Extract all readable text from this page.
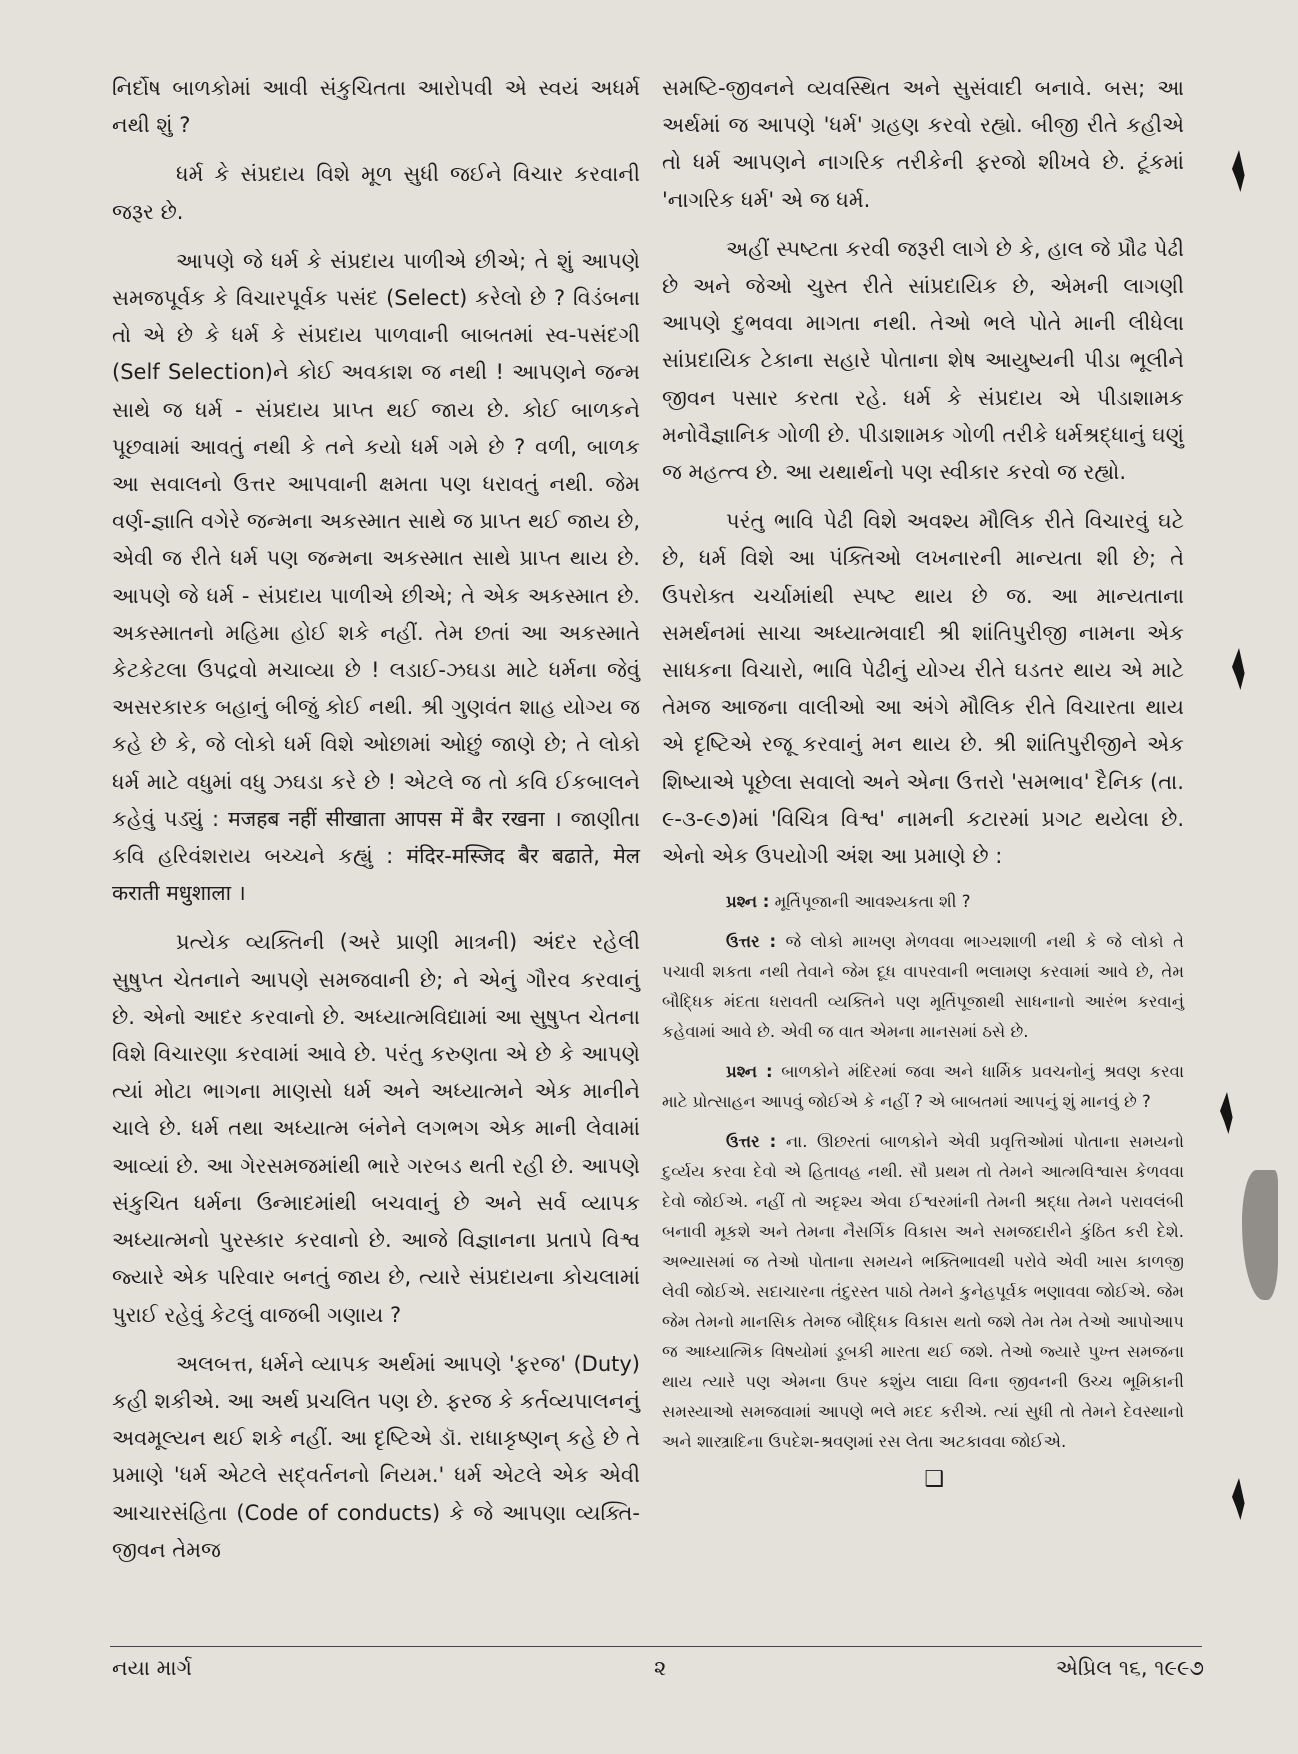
નિર્દોષ બાળકોમાં આવી સંકુચિતતા આરોપવી એ સ્વયં અધર્મ નથી શું ?

ધર્મ કે સંપ્રદાય વિશે મૂળ સુધી જઈને વિચાર કરવાની જરૂર છે.

આપણે જે ધર્મ કે સંપ્રદાય પાળીએ છીએ; તે શું આપણે સમજપૂર્વક કે વિચારપૂર્વક પસંદ (Select) કરેલો છે ? વિડંબના તો એ છે કે ધર્મ કે સંપ્રદાય પાળવાની બાબતમાં સ્વ-પસંદગી (Self Selection)ને કોઈ અવકાશ જ નથી ! આપણને જન્મ સાથે જ ધર્મ - સંપ્રદાય પ્રાપ્ત થઈ જાય છે. કોઈ બાળકને પૂછવામાં આવતું નથી કે તને કયો ધર્મ ગમે છે ? વળી, બાળક આ સવાલનો ઉત્તર આપવાની ક્ષમતા પણ ધરાવતું નથી. જેમ વર્ણ-જ્ઞાતિ વગેરે જન્મના અકસ્માત સાથે જ પ્રાપ્ત થઈ જાય છે, એવી જ રીતે ધર્મ પણ જન્મના અકસ્માત સાથે પ્રાપ્ત થાય છે. આપણે જે ધર્મ - સંપ્રદાય પાળીએ છીએ; તે એક અકસ્માત છે. અકસ્માતનો મહિમા હોઈ શકે નહીં. તેમ છતાં આ અકસ્માતે કેટકેટલા ઉપદ્રવો મચાવ્યા છે ! લડાઈ-ઝઘડા માટે ધર્મના જેવું અસરકારક બહાનું બીજું કોઈ નથી. શ્રી ગુણવંત શાહ યોગ્ય જ કહે છે કે, જે લોકો ધર્મ વિશે ઓછામાં ઓછું જાણે છે; તે લોકો ધર્મ માટે વધુમાં વધુ ઝઘડા કરે છે ! એટલે જ તો કવિ ઈકબાલને કહેવું પડ્યું : मजहब नहीं सीखाता आपस में बैर रखना । જાણીતા કવિ હરિવંશરાય બચ્ચને કહ્યું : मंदिर-मस्जिद बैर बढाते, मेल कराती मधुशाला ।

પ્રત્યેક વ્યક્તિની (અરે પ્રાણી માત્રની) અંદર રહેલી સુષુપ્ત ચેતનાને આપણે સમજવાની છે; ને એનું ગૌરવ કરવાનું છે. એનો આદર કરવાનો છે. અધ્યાત્મવિદ્યામાં આ સુષુપ્ત ચેતના વિશે વિચારણા કરવામાં આવે છે. પરંતુ કરુણતા એ છે કે આપણે ત્યાં મોટા ભાગના માણસો ધર્મ અને અધ્યાત્મને એક માનીને ચાલે છે. ધર્મ તથા અધ્યાત્મ બંનેને લગભગ એક માની લેવામાં આવ્યાં છે. આ ગેરસમજમાંથી ભારે ગરબડ થતી રહી છે. આપણે સંકુચિત ધર્મના ઉન્માદમાંથી બચવાનું છે અને સર્વ વ્યાપક અધ્યાત્મનો પુરસ્કાર કરવાનો છે. આજે વિજ્ઞાનના પ્રતાપે વિશ્વ જ્યારે એક પરિવાર બનતું જાય છે, ત્યારે સંપ્રદાયના કોચલામાં પુરાઈ રહેવું કેટલું વાજબી ગણાય ?

અલબત્ત, ધર્મને વ્યાપક અર્થમાં આપણે 'ફરજ' (Duty) કહી શકીએ. આ અર્થ પ્રચલિત પણ છે. ફરજ કે કર્તવ્યપાલનનું અવમૂલ્યન થઈ શકે નહીં. આ દૃષ્ટિએ ડૉ. રાધાકૃષ્ણન્ કહે છે તે પ્રમાણે 'ધર્મ એટલે સદ્‌વર્તનનો નિયમ.' ધર્મ એટલે એક એવી આચારસંહિતા (Code of conducts) કે જે આપણા વ્યક્તિ-જીવન તેમજ

સમષ્ટિ-જીવનને વ્યવસ્થિત અને સુસંવાદી બનાવે. બસ; આ અર્થમાં જ આપણે 'ધર્મ' ગ્રહણ કરવો રહ્યો. બીજી રીતે કહીએ તો ધર્મ આપણને નાગરિક તરીકેની ફરજો શીખવે છે. ટૂંકમાં 'નાગરિક ધર્મ' એ જ ધર્મ.

અહીં સ્પષ્ટતા કરવી જરૂરી લાગે છે કે, હાલ જે પ્રૌઢ પેઢી છે અને જેઓ ચુસ્ત રીતે સાંપ્રદાયિક છે, એમની લાગણી આપણે દુભવવા માગતા નથી. તેઓ ભલે પોતે માની લીધેલા સાંપ્રદાયિક ટેકાના સહારે પોતાના શેષ આયુષ્યની પીડા ભૂલીને જીવન પસાર કરતા રહે. ધર્મ કે સંપ્રદાય એ પીડાશામક મનોવૈજ્ઞાનિક ગોળી છે. પીડાશામક ગોળી તરીકે ધર્મશ્રદ્ધાનું ઘણું જ મહત્ત્વ છે. આ યથાર્થનો પણ સ્વીકાર કરવો જ રહ્યો.

પરંતુ ભાવિ પેઢી વિશે અવશ્ય મૌલિક રીતે વિચારવું ઘટે છે, ધર્મ વિશે આ પંક્તિઓ લખનારની માન્યતા શી છે; તે ઉપરોક્ત ચર્ચામાંથી સ્પષ્ટ થાય છે જ. આ માન્યતાના સમર્થનમાં સાચા અધ્યાત્મવાદી શ્રી શાંતિપુરીજી નામના એક સાધકના વિચારો, ભાવિ પેઢીનું યોગ્ય રીતે ઘડતર થાય એ માટે તેમજ આજના વાલીઓ આ અંગે મૌલિક રીતે વિચારતા થાય એ દૃષ્ટિએ રજૂ કરવાનું મન થાય છે. શ્રી શાંતિપુરીજીને એક શિષ્યાએ પૂછેલા સવાલો અને એના ઉત્તરો 'સમભાવ' દૈનિક (તા. ૯-૩-૯૭)માં 'વિચિત્ર વિશ્વ' નામની કટારમાં પ્રગટ થયેલા છે. એનો એક ઉપયોગી અંશ આ પ્રમાણે છે :

પ્રશ્ન : મૂર્તિપૂજાની આવશ્યકતા શી ?

ઉત્તર : જે લોકો માખણ મેળવવા ભાગ્યશાળી નથી કે જે લોકો તે પચાવી શકતા નથી તેવાને જેમ દૂધ વાપરવાની ભલામણ કરવામાં આવે છે, તેમ બૌદ્ધિક મંદતા ધરાવતી વ્યક્તિને પણ મૂર્તિપૂજાથી સાધનાનો આરંભ કરવાનું કહેવામાં આવે છે. એવી જ વાત એમના માનસમાં ઠસે છે.

પ્રશ્ન : બાળકોને મંદિરમાં જવા અને ધાર્મિક પ્રવચનોનું શ્રવણ કરવા માટે પ્રોત્સાહન આપવું જોઈએ કે નહીં ? એ બાબતમાં આપનું શું માનવું છે ?

ઉત્તર : ના. ઊછરતાં બાળકોને એવી પ્રવૃત્તિઓમાં પોતાના સમયનો દુર્વ્યય કરવા દેવો એ હિતાવહ નથી. સૌ પ્રથમ તો તેમને આત્મવિશ્વાસ કેળવવા દેવો જોઈએ. નહીં તો અદૃશ્ય એવા ઈશ્વરમાંની તેમની શ્રદ્ધા તેમને પરાવલંબી બનાવી મૂકશે અને તેમના નૈસર્ગિક વિકાસ અને સમજદારીને કુંઠિત કરી દેશે. અભ્યાસમાં જ તેઓ પોતાના સમયને ભક્તિભાવથી પરોવે એવી ખાસ કાળજી લેવી જોઈએ. સદાચારના તંદુરસ્ત પાઠો તેમને કુનેહપૂર્વક ભણાવવા જોઈએ. જેમ જેમ તેમનો માનસિક તેમજ બૌદ્ધિક વિકાસ થતો જશે તેમ તેમ તેઓ આપોઆપ જ આધ્યાત્મિક વિષયોમાં ડૂબકી મારતા થઈ જશે. તેઓ જ્યારે પુખ્ત સમજના થાય ત્યારે પણ એમના ઉપર કશુંય લાદ્યા વિના જીવનની ઉચ્ચ ભૂમિકાની સમસ્યાઓ સમજવામાં આપણે ભલે મદદ કરીએ. ત્યાં સુધી તો તેમને દેવસ્થાનો અને શાસ્ત્રાદિના ઉપદેશ-શ્રવણમાં રસ લેતા અટકાવવા જોઈએ.

❑

નયા માર્ગ	૨	એપ્રિલ ૧૬, ૧૯૯૭
